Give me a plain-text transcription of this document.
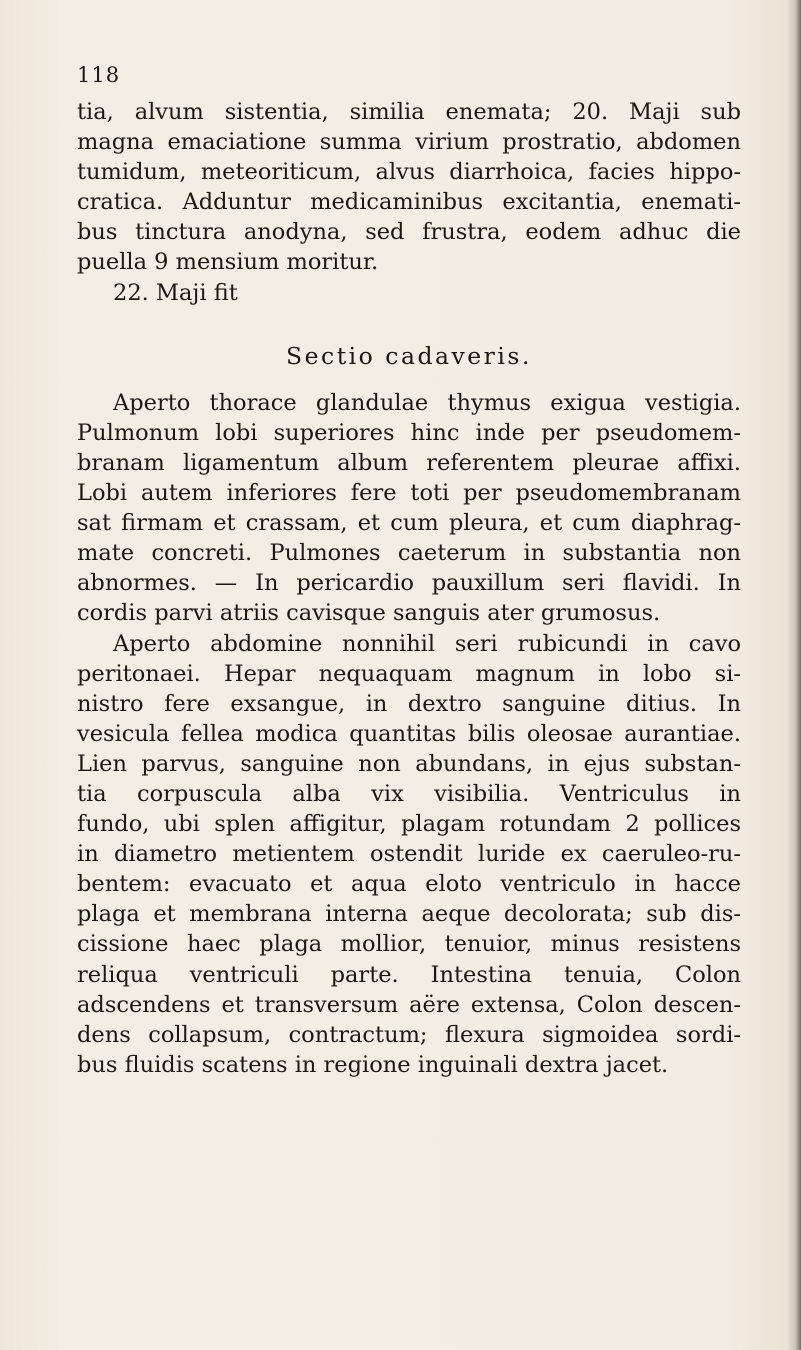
118
tia, alvum sistentia, similia enemata; 20. Maji sub
magna emaciatione summa virium prostratio, abdomen
tumidum, meteoriticum, alvus diarrhoica, facies hippo-
cratica. Adduntur medicaminibus excitantia, enemati-
bus tinctura anodyna, sed frustra, eodem adhuc die
puella 9 mensium moritur.
22. Maji fit
Sectio cadaveris.
Aperto thorace glandulae thymus exigua vestigia.
Pulmonum lobi superiores hinc inde per pseudomem-
branam ligamentum album referentem pleurae affixi.
Lobi autem inferiores fere toti per pseudomembranam
sat firmam et crassam, et cum pleura, et cum diaphrag-
mate concreti. Pulmones caeterum in substantia non
abnormes. — In pericardio pauxillum seri flavidi. In
cordis parvi atriis cavisque sanguis ater grumosus.
Aperto abdomine nonnihil seri rubicundi in cavo
peritonaei. Hepar nequaquam magnum in lobo si-
nistro fere exsangue, in dextro sanguine ditius. In
vesicula fellea modica quantitas bilis oleosae aurantiae.
Lien parvus, sanguine non abundans, in ejus substan-
tia corpuscula alba vix visibilia. Ventriculus in
fundo, ubi splen affigitur, plagam rotundam 2 pollices
in diametro metientem ostendit luride ex caeruleo-ru-
bentem: evacuato et aqua eloto ventriculo in hacce
plaga et membrana interna aeque decolorata; sub dis-
cissione haec plaga mollior, tenuior, minus resistens
reliqua ventriculi parte. Intestina tenuia, Colon
adscendens et transversum aëre extensa, Colon descen-
dens collapsum, contractum; flexura sigmoidea sordi-
bus fluidis scatens in regione inguinali dextra jacet.
